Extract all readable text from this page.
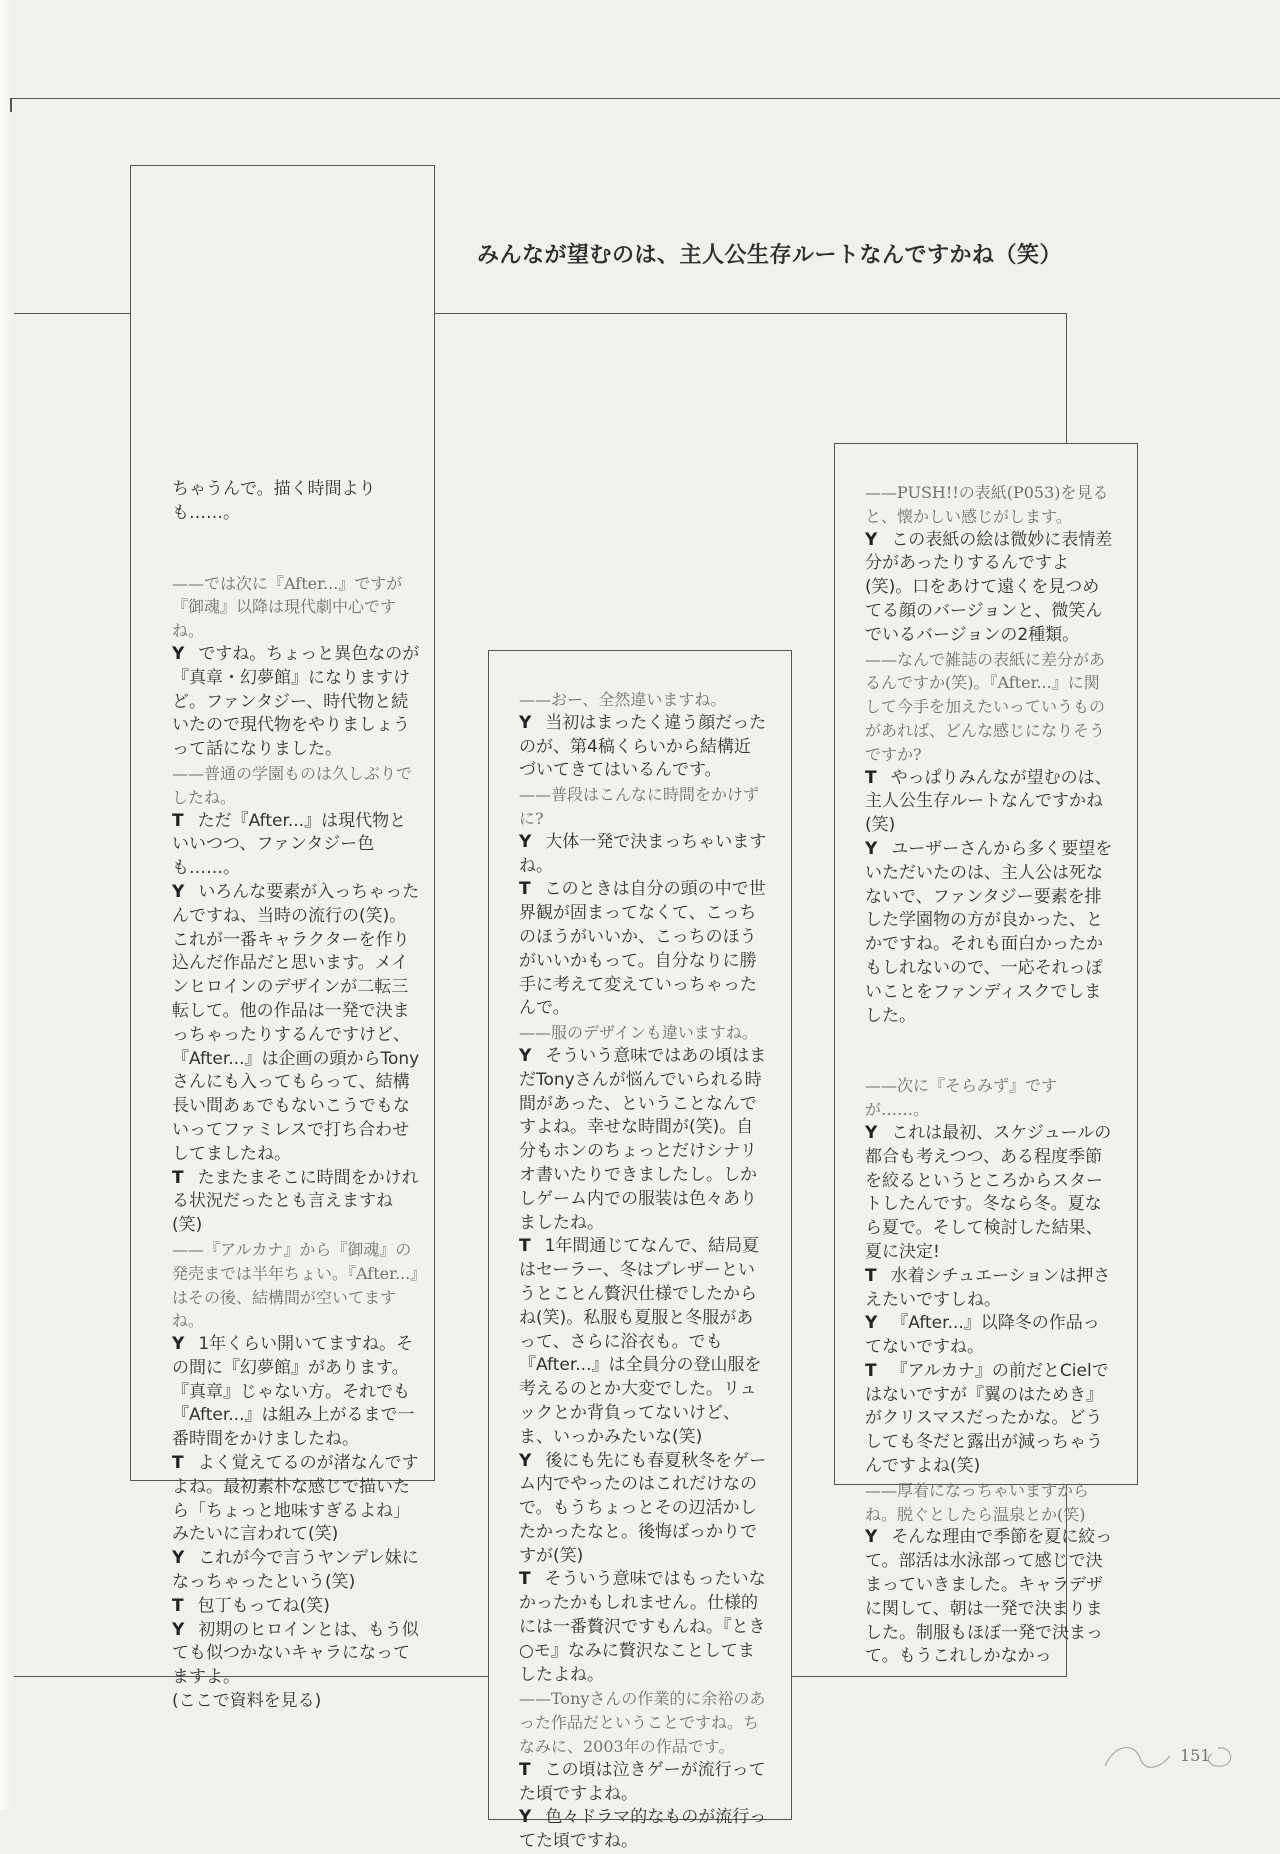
みんなが望むのは、主人公生存ルートなんですかね（笑）

ちゃうんで。描く時間よりも……。

——では次に『After...』ですが『御魂』以降は現代劇中心ですね。

Y ですね。ちょっと異色なのが『真章・幻夢館』になりますけど。ファンタジー、時代物と続いたので現代物をやりましょうって話になりました。

——普通の学園ものは久しぶりでしたね。

T ただ『After...』は現代物といいつつ、ファンタジー色も……。

Y いろんな要素が入っちゃったんですね、当時の流行の(笑)。これが一番キャラクターを作り込んだ作品だと思います。メインヒロインのデザインが二転三転して。他の作品は一発で決まっちゃったりするんですけど、『After...』は企画の頭からTonyさんにも入ってもらって、結構長い間あぁでもないこうでもないってファミレスで打ち合わせしてましたね。

T たまたまそこに時間をかけれる状況だったとも言えますね(笑)

——『アルカナ』から『御魂』の発売までは半年ちょい。『After...』はその後、結構間が空いてますね。

Y 1年くらい開いてますね。その間に『幻夢館』があります。『真章』じゃない方。それでも『After...』は組み上がるまで一番時間をかけましたね。

T よく覚えてるのが渚なんですよね。最初素朴な感じで描いたら「ちょっと地味すぎるよね」みたいに言われて(笑)

Y これが今で言うヤンデレ妹になっちゃったという(笑)

T 包丁もってね(笑)

Y 初期のヒロインとは、もう似ても似つかないキャラになってますよ。

(ここで資料を見る)

——おー、全然違いますね。

Y 当初はまったく違う顔だったのが、第4稿くらいから結構近づいてきてはいるんです。

——普段はこんなに時間をかけずに?

Y 大体一発で決まっちゃいますね。

T このときは自分の頭の中で世界観が固まってなくて、こっちのほうがいいか、こっちのほうがいいかもって。自分なりに勝手に考えて変えていっちゃったんで。

——服のデザインも違いますね。

Y そういう意味ではあの頃はまだTonyさんが悩んでいられる時間があった、ということなんですよね。幸せな時間が(笑)。自分もホンのちょっとだけシナリオ書いたりできましたし。しかしゲーム内での服装は色々ありましたね。

T 1年間通じてなんで、結局夏はセーラー、冬はブレザーというとことん贅沢仕様でしたからね(笑)。私服も夏服と冬服があって、さらに浴衣も。でも『After...』は全員分の登山服を考えるのとか大変でした。リュックとか背負ってないけど、ま、いっかみたいな(笑)

Y 後にも先にも春夏秋冬をゲーム内でやったのはこれだけなので。もうちょっとその辺活かしたかったなと。後悔ばっかりですが(笑)

T そういう意味ではもったいなかったかもしれません。仕様的には一番贅沢ですもんね。『とき○モ』なみに贅沢なことしてましたよね。

——Tonyさんの作業的に余裕のあった作品だということですね。ちなみに、2003年の作品です。

T この頃は泣きゲーが流行ってた頃ですよね。

Y 色々ドラマ的なものが流行ってた頃ですね。

——PUSH!!の表紙(P053)を見ると、懐かしい感じがします。

Y この表紙の絵は微妙に表情差分があったりするんですよ(笑)。口をあけて遠くを見つめてる顔のバージョンと、微笑んでいるバージョンの2種類。

——なんで雑誌の表紙に差分があるんですか(笑)。『After...』に関して今手を加えたいっていうものがあれば、どんな感じになりそうですか?

T やっぱりみんなが望むのは、主人公生存ルートなんですかね(笑)

Y ユーザーさんから多く要望をいただいたのは、主人公は死なないで、ファンタジー要素を排した学園物の方が良かった、とかですね。それも面白かったかもしれないので、一応それっぽいことをファンディスクでしました。

——次に『そらみず』ですが……。

Y これは最初、スケジュールの都合も考えつつ、ある程度季節を絞るというところからスタートしたんです。冬なら冬。夏なら夏で。そして検討した結果、夏に決定!

T 水着シチュエーションは押さえたいですしね。

Y 『After...』以降冬の作品ってないですね。

T 『アルカナ』の前だとCielではないですが『翼のはためき』がクリスマスだったかな。どうしても冬だと露出が減っちゃうんですよね(笑)

——厚着になっちゃいますからね。脱ぐとしたら温泉とか(笑)

Y そんな理由で季節を夏に絞って。部活は水泳部って感じで決まっていきました。キャラデザに関して、朝は一発で決まりました。制服もほぼ一発で決まって。もうこれしかなかっ

151
